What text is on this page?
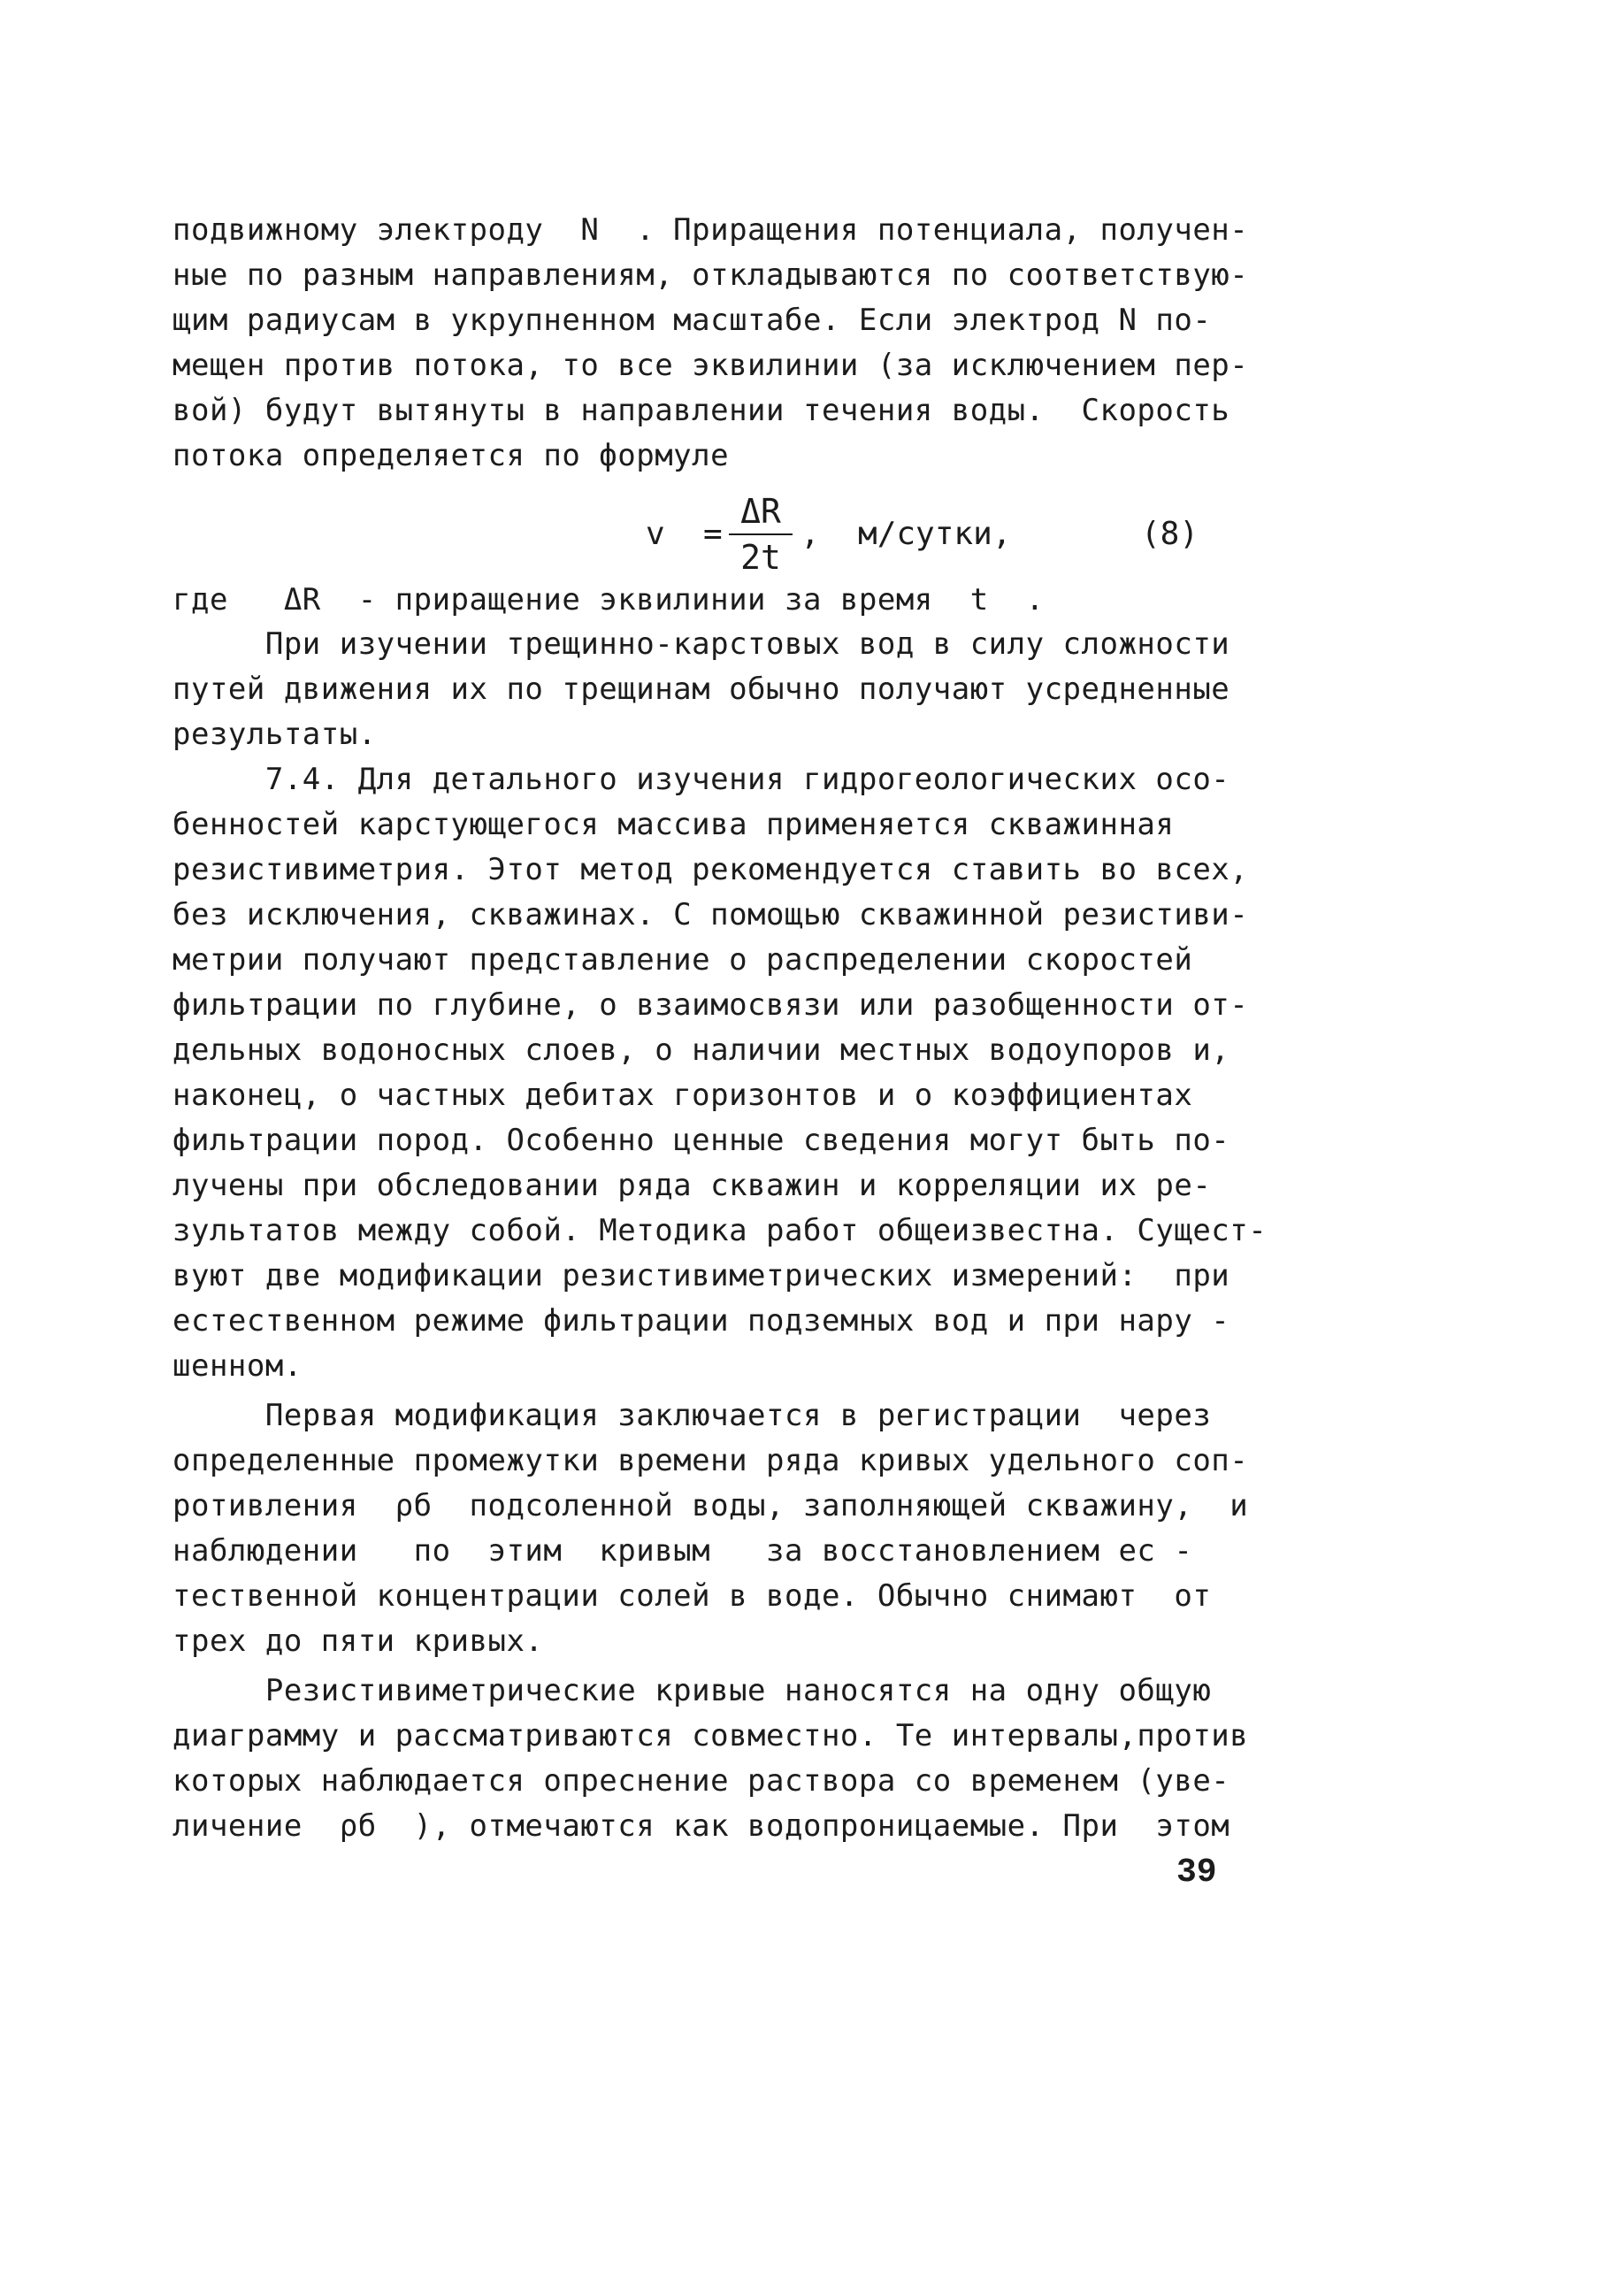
подвижному электроду  N  . Приращения потенциала, получен-
ные по разным направлениям, откладываются по соответствую-
щим радиусам в укрупненном масштабе. Если электрод N по-
мещен против потока, то все эквилинии (за исключением пер-
вой) будут вытянуты в направлении течения воды.  Скорость
потока определяется по формуле
v  =
ΔR
2t
,  м/сутки,	(8)
где   ΔR  - приращение эквилинии за время  t  .
При изучении трещинно-карстовых вод в силу сложности
путей движения их по трещинам обычно получают усредненные
результаты.
7.4. Для детального изучения гидрогеологических осо-
бенностей карстующегося массива применяется скважинная
резистивиметрия. Этот метод рекомендуется ставить во всех,
без исключения, скважинах. С помощью скважинной резистиви-
метрии получают представление о распределении скоростей
фильтрации по глубине, о взаимосвязи или разобщенности от-
дельных водоносных слоев, о наличии местных водоупоров и,
наконец, о частных дебитах горизонтов и о коэффициентах
фильтрации пород. Особенно ценные сведения могут быть по-
лучены при обследовании ряда скважин и корреляции их ре-
зультатов между собой. Методика работ общеизвестна. Сущест-
вуют две модификации резистивиметрических измерений:  при
естественном режиме фильтрации подземных вод и при нару -
шенном.
Первая модификация заключается в регистрации  через
определенные промежутки времени ряда кривых удельного соп-
ротивления  ρб  подсоленной воды, заполняющей скважину,  и
наблюдении   по  этим  кривым   за восстановлением ес -
тественной концентрации солей в воде. Обычно снимают  от
трех до пяти кривых.
Резистивиметрические кривые наносятся на одну общую
диаграмму и рассматриваются совместно. Те интервалы,против
которых наблюдается опреснение раствора со временем (уве-
личение  ρб  ), отмечаются как водопроницаемые. При  этом
39
